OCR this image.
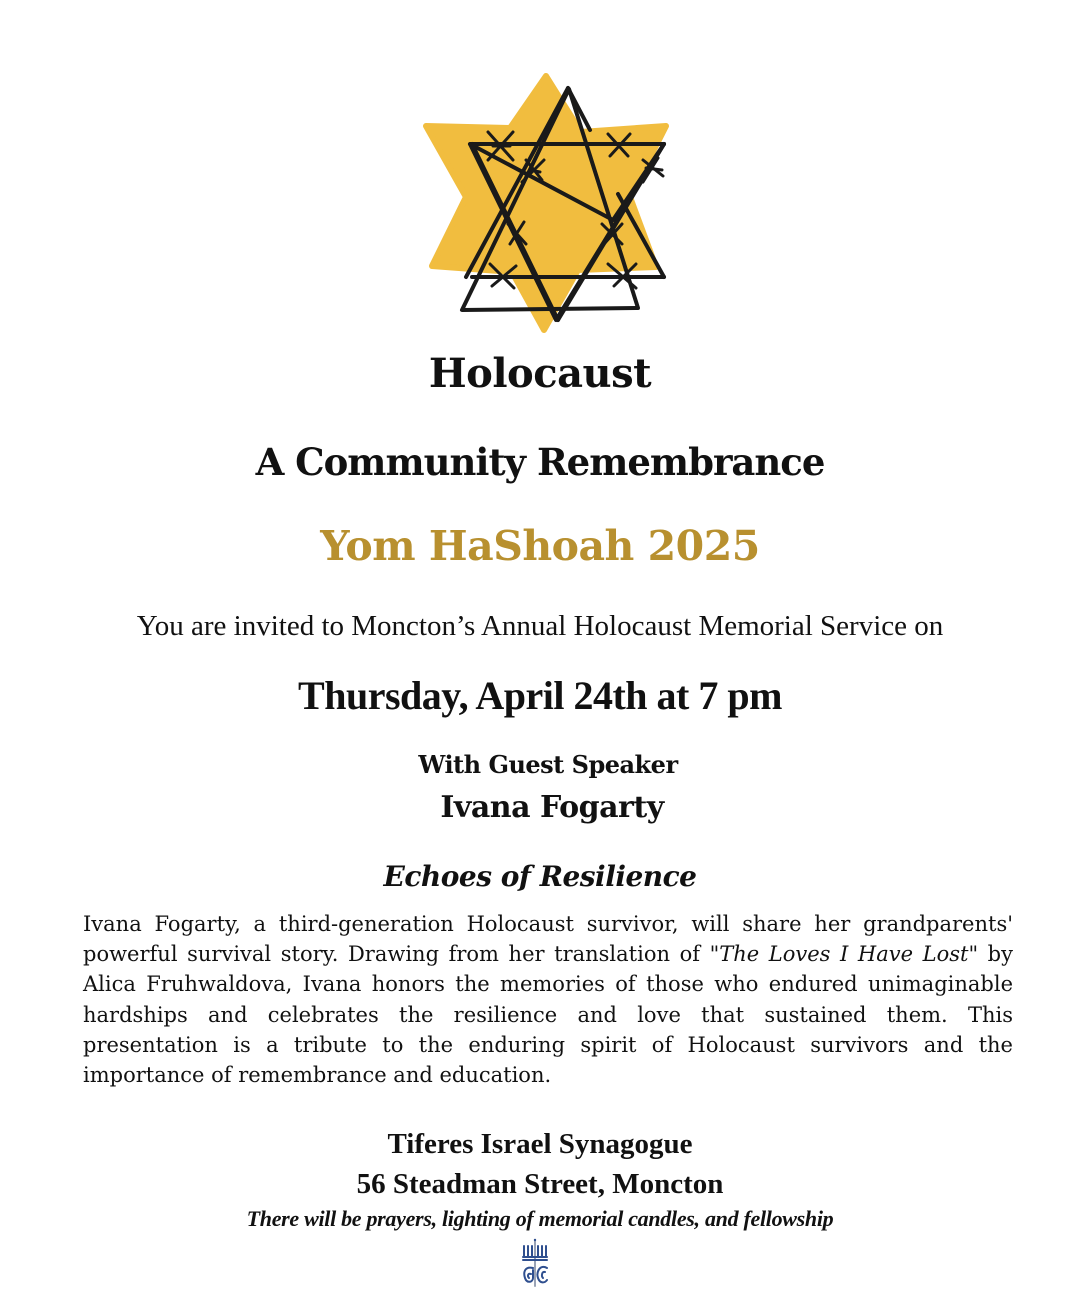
Holocaust
A Community Remembrance
Yom HaShoah 2025
You are invited to Moncton’s Annual Holocaust Memorial Service on
Thursday, April 24th at 7 pm
With Guest Speaker
Ivana Fogarty
Echoes of Resilience
Ivana Fogarty, a third-generation Holocaust survivor, will share her grandparents' powerful survival story. Drawing from her translation of "The Loves I Have Lost" by Alica Fruhwaldova, Ivana honors the memories of those who endured unimaginable hardships and celebrates the resilience and love that sustained them. This presentation is a tribute to the enduring spirit of Holocaust survivors and the importance of remembrance and education.
Tiferes Israel Synagogue
56 Steadman Street, Moncton
There will be prayers, lighting of memorial candles, and fellowship
